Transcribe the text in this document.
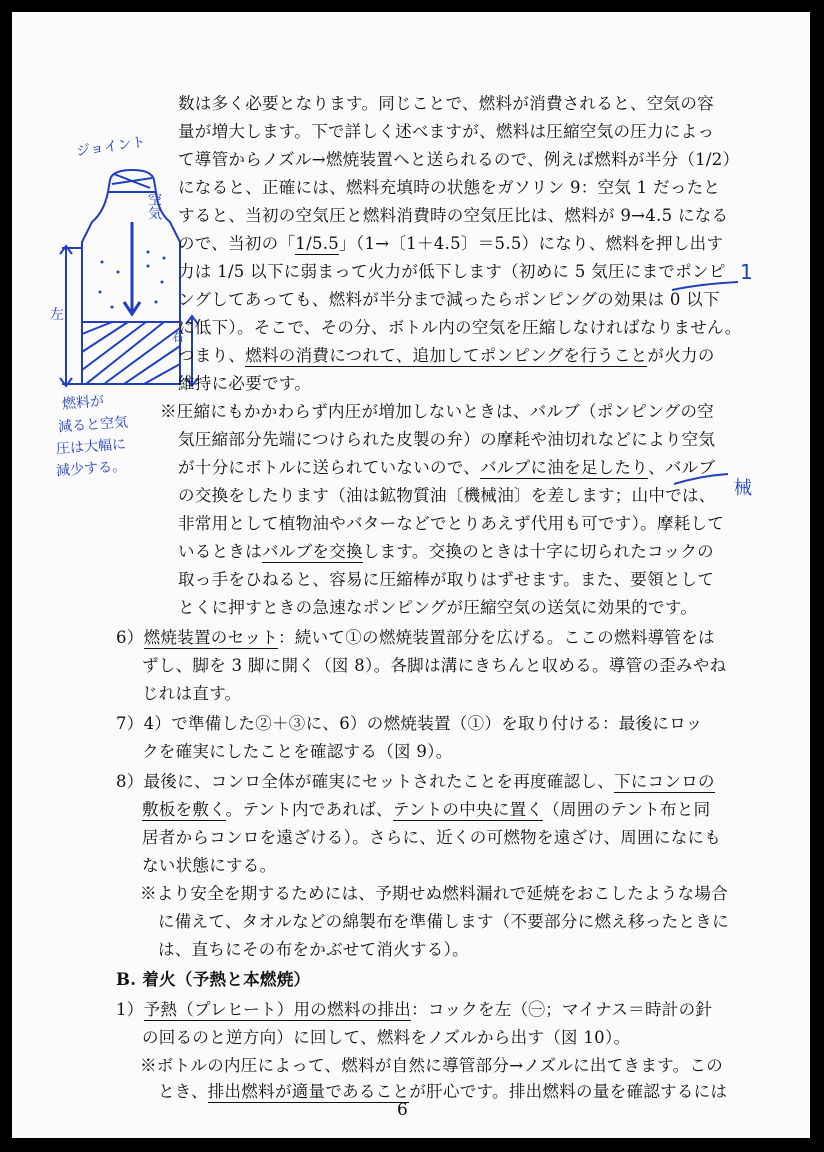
ジョイント
空気
左
右
燃料が
減ると空気
圧は大幅に
減少する。
1
械
数は多く必要となります。同じことで、燃料が消費されると、空気の容
量が増大します。下で詳しく述べますが、燃料は圧縮空気の圧力によっ
て導管からノズル→燃焼装置へと送られるので、例えば燃料が半分（1/2）
になると、正確には、燃料充填時の状態をガソリン 9：空気 1 だったと
すると、当初の空気圧と燃料消費時の空気圧比は、燃料が 9→4.5 になる
ので、当初の「1/5.5」（1→〔1＋4.5〕＝5.5）になり、燃料を押し出す
力は 1/5 以下に弱まって火力が低下します（初めに 5 気圧にまでポンピ
ングしてあっても、燃料が半分まで減ったらポンピングの効果は 0 以下
に低下）。そこで、その分、ボトル内の空気を圧縮しなければなりません。
つまり、燃料の消費につれて、追加してポンピングを行うことが火力の
維持に必要です。
※圧縮にもかかわらず内圧が増加しないときは、バルブ（ポンピングの空
気圧縮部分先端につけられた皮製の弁）の摩耗や油切れなどにより空気
が十分にボトルに送られていないので、バルブに油を足したり、バルブ
の交換をしたります（油は鉱物質油〔機械油〕を差します；山中では、
非常用として植物油やバターなどでとりあえず代用も可です）。摩耗して
いるときはバルブを交換します。交換のときは十字に切られたコックの
取っ手をひねると、容易に圧縮棒が取りはずせます。また、要領として
とくに押すときの急速なポンピングが圧縮空気の送気に効果的です。
6）燃焼装置のセット：続いて①の燃焼装置部分を広げる。ここの燃料導管をは
ずし、脚を 3 脚に開く（図 8）。各脚は溝にきちんと収める。導管の歪みやね
じれは直す。
7）4）で準備した②＋③に、6）の燃焼装置（①）を取り付ける：最後にロッ
クを確実にしたことを確認する（図 9）。
8）最後に、コンロ全体が確実にセットされたことを再度確認し、下にコンロの
敷板を敷く。テント内であれば、テントの中央に置く（周囲のテント布と同
居者からコンロを遠ざける）。さらに、近くの可燃物を遠ざけ、周囲になにも
ない状態にする。
※より安全を期するためには、予期せぬ燃料漏れで延焼をおこしたような場合
に備えて、タオルなどの綿製布を準備します（不要部分に燃え移ったときに
は、直ちにその布をかぶせて消火する）。
B. 着火（予熱と本燃焼）
1）予熱（プレヒート）用の燃料の排出：コックを左（㊀；マイナス＝時計の針
の回るのと逆方向）に回して、燃料をノズルから出す（図 10）。
※ボトルの内圧によって、燃料が自然に導管部分→ノズルに出てきます。この
とき、排出燃料が適量であることが肝心です。排出燃料の量を確認するには
6
